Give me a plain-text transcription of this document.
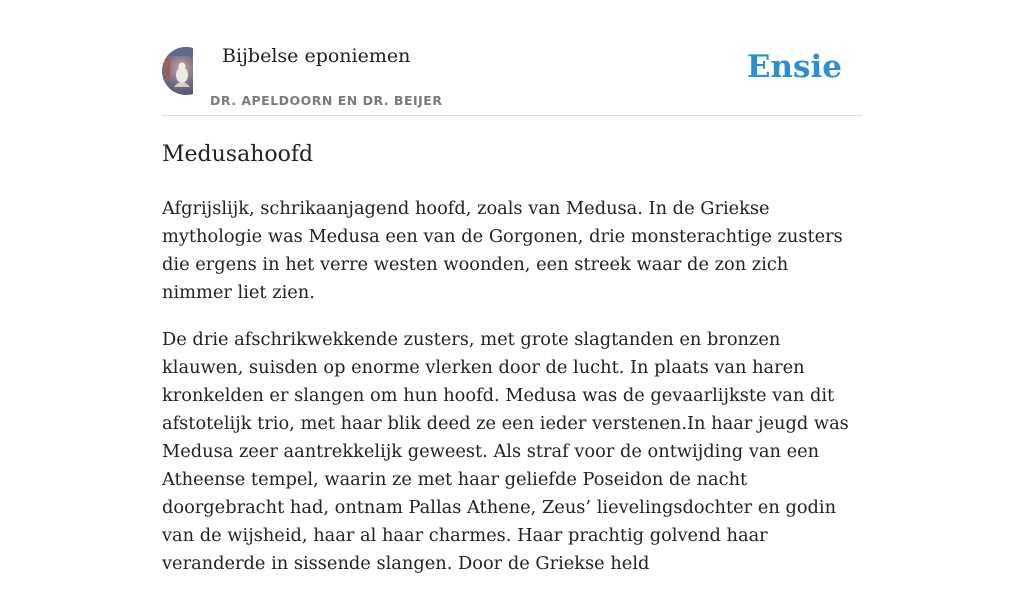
Bijbelse eponiemen
DR. APELDOORN EN DR. BEIJER
Ensie
Medusahoofd

Afgrijslijk, schrikaanjagend hoofd, zoals van Medusa. In de Griekse mythologie was Medusa een van de Gorgonen, drie monsterachtige zusters die ergens in het verre westen woonden, een streek waar de zon zich nimmer liet zien.

De drie afschrikwekkende zusters, met grote slagtanden en bronzen klauwen, suisden op enorme vlerken door de lucht. In plaats van haren kronkelden er slangen om hun hoofd. Medusa was de gevaarlijkste van dit afstotelijk trio, met haar blik deed ze een ieder verstenen.In haar jeugd was Medusa zeer aantrekkelijk geweest. Als straf voor de ontwijding van een Atheense tempel, waarin ze met haar geliefde Poseidon de nacht doorgebracht had, ontnam Pallas Athene, Zeus’ lievelingsdochter en godin van de wijsheid, haar al haar charmes. Haar prachtig golvend haar veranderde in sissende slangen. Door de Griekse held
